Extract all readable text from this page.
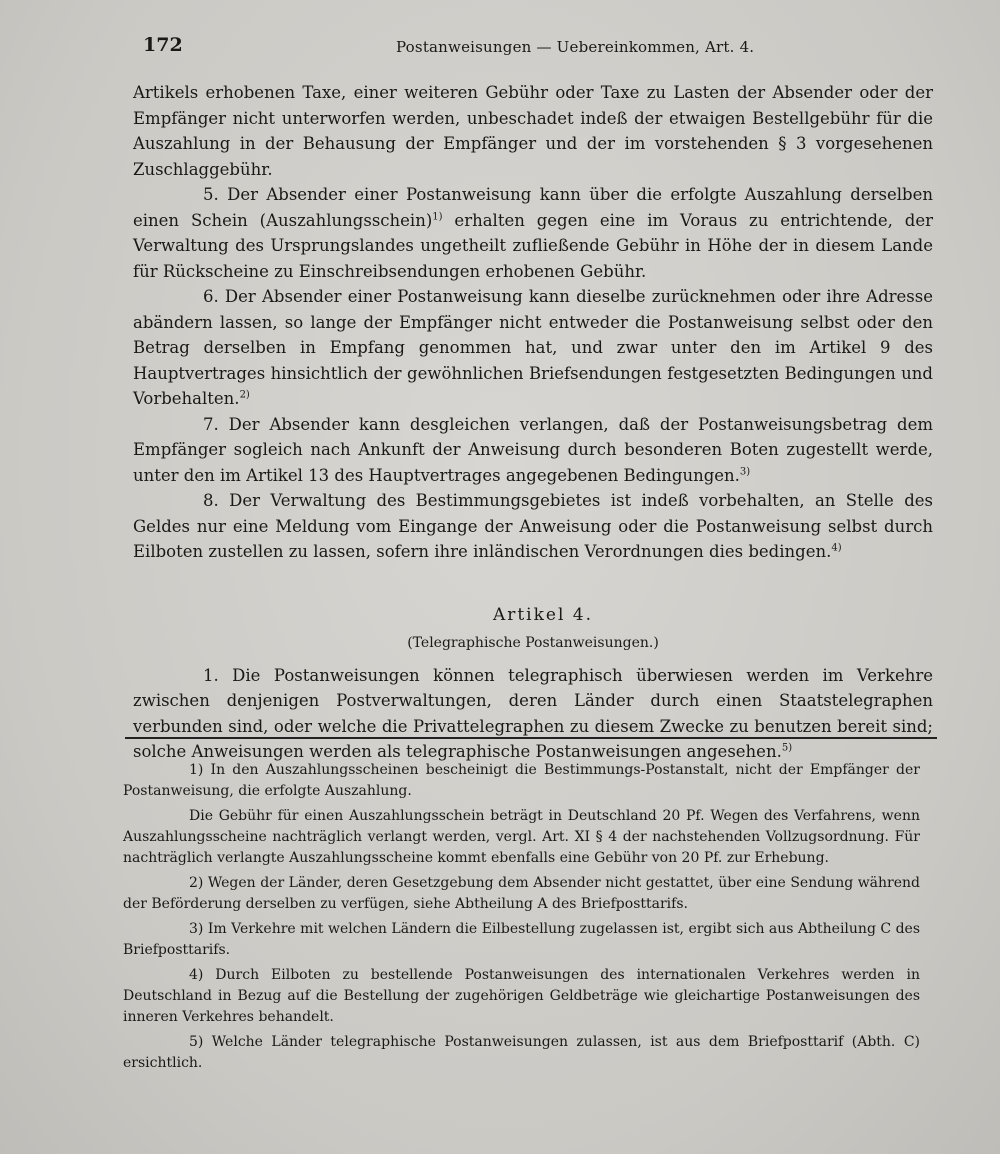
172	Postanweisungen — Uebereinkommen, Art. 4.

Artikels erhobenen Taxe, einer weiteren Gebühr oder Taxe zu Lasten der Absender oder der Empfänger nicht unterworfen werden, unbeschadet indeß der etwaigen Bestellgebühr für die Auszahlung in der Behausung der Empfänger und der im vorstehenden § 3 vorgesehenen Zuschlaggebühr.

5. Der Absender einer Postanweisung kann über die erfolgte Auszahlung derselben einen Schein (Auszahlungsschein)$^{1)}$ erhalten gegen eine im Voraus zu entrichtende, der Verwaltung des Ursprungslandes ungetheilt zufließende Gebühr in Höhe der in diesem Lande für Rückscheine zu Einschreibsendungen erhobenen Gebühr.

6. Der Absender einer Postanweisung kann dieselbe zurücknehmen oder ihre Adresse abändern lassen, so lange der Empfänger nicht entweder die Postanweisung selbst oder den Betrag derselben in Empfang genommen hat, und zwar unter den im Artikel 9 des Hauptvertrages hinsichtlich der gewöhnlichen Briefsendungen festgesetzten Bedingungen und Vorbehalten.$^{2)}$

7. Der Absender kann desgleichen verlangen, daß der Postanweisungsbetrag dem Empfänger sogleich nach Ankunft der Anweisung durch besonderen Boten zugestellt werde, unter den im Artikel 13 des Hauptvertrages angegebenen Bedingungen.$^{3)}$

8. Der Verwaltung des Bestimmungsgebietes ist indeß vorbehalten, an Stelle des Geldes nur eine Meldung vom Eingange der Anweisung oder die Postanweisung selbst durch Eilboten zustellen zu lassen, sofern ihre inländischen Verordnungen dies bedingen.$^{4)}$

Artikel 4.

(Telegraphische Postanweisungen.)

1. Die Postanweisungen können telegraphisch überwiesen werden im Verkehre zwischen denjenigen Postverwaltungen, deren Länder durch einen Staatstelegraphen verbunden sind, oder welche die Privattelegraphen zu diesem Zwecke zu benutzen bereit sind; solche Anweisungen werden als telegraphische Postanweisungen angesehen.$^{5)}$

1) In den Auszahlungsscheinen bescheinigt die Bestimmungs-Postanstalt, nicht der Empfänger der Postanweisung, die erfolgte Auszahlung.

Die Gebühr für einen Auszahlungsschein beträgt in Deutschland 20 Pf. Wegen des Verfahrens, wenn Auszahlungsscheine nachträglich verlangt werden, vergl. Art. XI § 4 der nachstehenden Vollzugsordnung. Für nachträglich verlangte Auszahlungsscheine kommt ebenfalls eine Gebühr von 20 Pf. zur Erhebung.

2) Wegen der Länder, deren Gesetzgebung dem Absender nicht gestattet, über eine Sendung während der Beförderung derselben zu verfügen, siehe Abtheilung A des Briefposttarifs.

3) Im Verkehre mit welchen Ländern die Eilbestellung zugelassen ist, ergibt sich aus Abtheilung C des Briefposttarifs.

4) Durch Eilboten zu bestellende Postanweisungen des internationalen Verkehres werden in Deutschland in Bezug auf die Bestellung der zugehörigen Geldbeträge wie gleichartige Postanweisungen des inneren Verkehres behandelt.

5) Welche Länder telegraphische Postanweisungen zulassen, ist aus dem Briefposttarif (Abth. C) ersichtlich.
